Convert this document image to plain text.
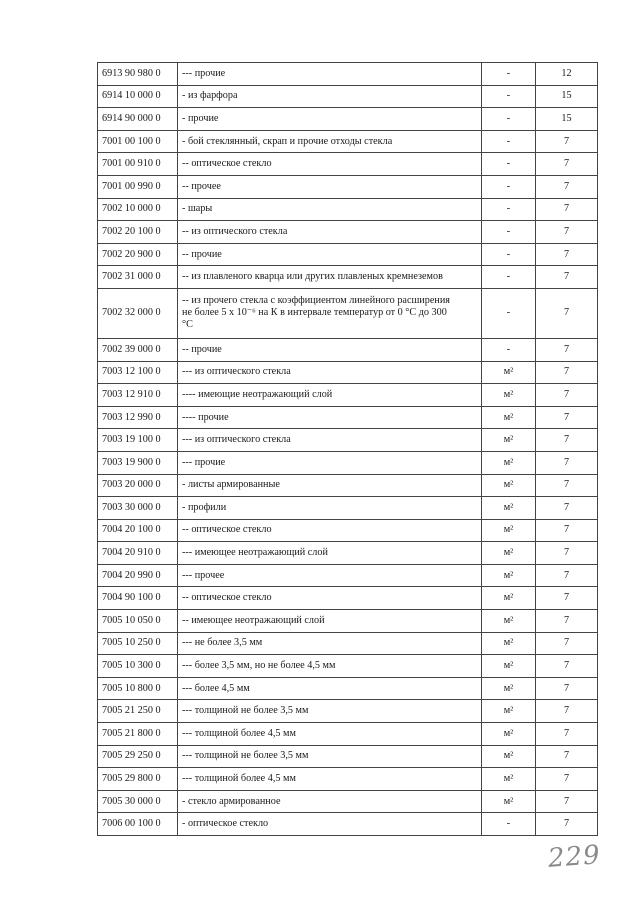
6913 90 980 0	--- прочие	-	12
6914 10 000 0	- из фарфора	-	15
6914 90 000 0	- прочие	-	15
7001 00 100 0	- бой стеклянный, скрап и прочие отходы стекла	-	7
7001 00 910 0	-- оптическое стекло	-	7
7001 00 990 0	-- прочее	-	7
7002 10 000 0	- шары	-	7
7002 20 100 0	-- из оптического стекла	-	7
7002 20 900 0	-- прочие	-	7
7002 31 000 0	-- из плавленого кварца или других плавленых кремнеземов	-	7
7002 32 000 0	-- из прочего стекла с коэффициентом линейного расширения
не более 5 х 10⁻⁶ на К в интервале температур от 0 °С до 300
°С	-	7
7002 39 000 0	-- прочие	-	7
7003 12 100 0	--- из оптического стекла	м²	7
7003 12 910 0	---- имеющие неотражающий слой	м²	7
7003 12 990 0	---- прочие	м²	7
7003 19 100 0	--- из оптического стекла	м²	7
7003 19 900 0	--- прочие	м²	7
7003 20 000 0	- листы армированные	м²	7
7003 30 000 0	- профили	м²	7
7004 20 100 0	-- оптическое стекло	м²	7
7004 20 910 0	--- имеющее неотражающий слой	м²	7
7004 20 990 0	--- прочее	м²	7
7004 90 100 0	-- оптическое стекло	м²	7
7005 10 050 0	-- имеющее неотражающий слой	м²	7
7005 10 250 0	--- не более 3,5 мм	м²	7
7005 10 300 0	--- более 3,5 мм, но не более 4,5 мм	м²	7
7005 10 800 0	--- более 4,5 мм	м²	7
7005 21 250 0	--- толщиной не более 3,5 мм	м²	7
7005 21 800 0	--- толщиной более 4,5 мм	м²	7
7005 29 250 0	--- толщиной не более 3,5 мм	м²	7
7005 29 800 0	--- толщиной более 4,5 мм	м²	7
7005 30 000 0	- стекло армированное	м²	7
7006 00 100 0	- оптическое стекло	-	7
229
